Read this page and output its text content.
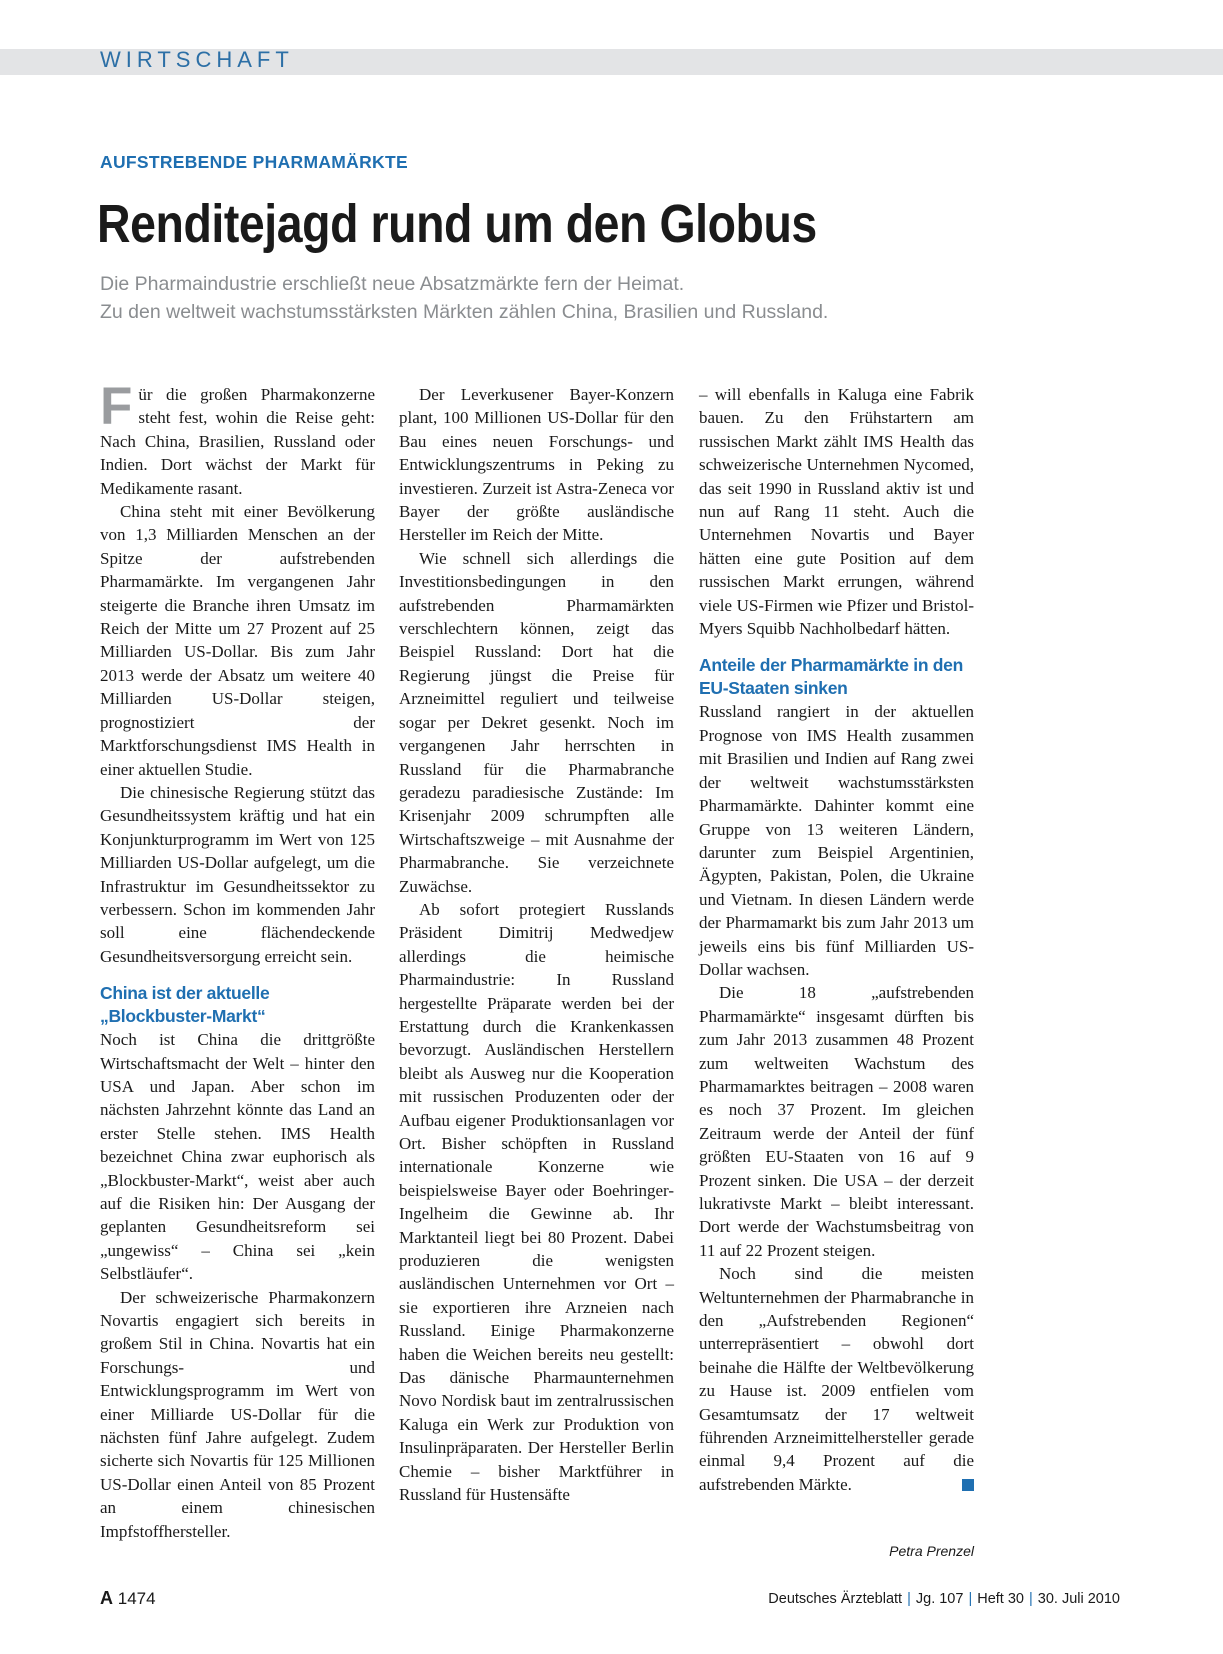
WIRTSCHAFT
AUFSTREBENDE PHARMAMÄRKTE
Renditejagd rund um den Globus
Die Pharmaindustrie erschließt neue Absatzmärkte fern der Heimat.
Zu den weltweit wachstumsstärksten Märkten zählen China, Brasilien und Russland.

Für die großen Pharmakonzerne steht fest, wohin die Reise geht: Nach China, Brasilien, Russland oder Indien. Dort wächst der Markt für Medikamente rasant.

China steht mit einer Bevölkerung von 1,3 Milliarden Menschen an der Spitze der aufstrebenden Pharmamärkte. Im vergangenen Jahr steigerte die Branche ihren Umsatz im Reich der Mitte um 27 Prozent auf 25 Milliarden US-Dollar. Bis zum Jahr 2013 werde der Absatz um weitere 40 Milliarden US-Dollar steigen, prognostiziert der Marktforschungsdienst IMS Health in einer aktuellen Studie.

Die chinesische Regierung stützt das Gesundheitssystem kräftig und hat ein Konjunkturprogramm im Wert von 125 Milliarden US-Dollar aufgelegt, um die Infrastruktur im Gesundheitssektor zu verbessern. Schon im kommenden Jahr soll eine flächendeckende Gesundheitsversorgung erreicht sein.

China ist der aktuelle „Blockbuster-Markt“

Noch ist China die drittgrößte Wirtschaftsmacht der Welt – hinter den USA und Japan. Aber schon im nächsten Jahrzehnt könnte das Land an erster Stelle stehen. IMS Health bezeichnet China zwar euphorisch als „Blockbuster-Markt“, weist aber auch auf die Risiken hin: Der Ausgang der geplanten Gesundheitsreform sei „ungewiss“ – China sei „kein Selbstläufer“.

Der schweizerische Pharmakonzern Novartis engagiert sich bereits in großem Stil in China. Novartis hat ein Forschungs- und Entwicklungsprogramm im Wert von einer Milliarde US-Dollar für die nächsten fünf Jahre aufgelegt. Zudem sicherte sich Novartis für 125 Millionen US-Dollar einen Anteil von 85 Prozent an einem chinesischen Impfstoffhersteller.

Der Leverkusener Bayer-Konzern plant, 100 Millionen US-Dollar für den Bau eines neuen Forschungs- und Entwicklungszentrums in Peking zu investieren. Zurzeit ist Astra-Zeneca vor Bayer der größte ausländische Hersteller im Reich der Mitte.

Wie schnell sich allerdings die Investitionsbedingungen in den aufstrebenden Pharmamärkten verschlechtern können, zeigt das Beispiel Russland: Dort hat die Regierung jüngst die Preise für Arzneimittel reguliert und teilweise sogar per Dekret gesenkt. Noch im vergangenen Jahr herrschten in Russland für die Pharmabranche geradezu paradiesische Zustände: Im Krisenjahr 2009 schrumpften alle Wirtschaftszweige – mit Ausnahme der Pharmabranche. Sie verzeichnete Zuwächse.

Ab sofort protegiert Russlands Präsident Dimitrij Medwedjew allerdings die heimische Pharmaindustrie: In Russland hergestellte Präparate werden bei der Erstattung durch die Krankenkassen bevorzugt. Ausländischen Herstellern bleibt als Ausweg nur die Kooperation mit russischen Produzenten oder der Aufbau eigener Produktionsanlagen vor Ort. Bisher schöpften in Russland internationale Konzerne wie beispielsweise Bayer oder Boehringer-Ingelheim die Gewinne ab. Ihr Marktanteil liegt bei 80 Prozent. Dabei produzieren die wenigsten ausländischen Unternehmen vor Ort – sie exportieren ihre Arzneien nach Russland. Einige Pharmakonzerne haben die Weichen bereits neu gestellt: Das dänische Pharmaunternehmen Novo Nordisk baut im zentralrussischen Kaluga ein Werk zur Produktion von Insulinpräparaten. Der Hersteller Berlin Chemie – bisher Marktführer in Russland für Hustensäfte

– will ebenfalls in Kaluga eine Fabrik bauen. Zu den Frühstartern am russischen Markt zählt IMS Health das schweizerische Unternehmen Nycomed, das seit 1990 in Russland aktiv ist und nun auf Rang 11 steht. Auch die Unternehmen Novartis und Bayer hätten eine gute Position auf dem russischen Markt errungen, während viele US-Firmen wie Pfizer und Bristol-Myers Squibb Nachholbedarf hätten.

Anteile der Pharmamärkte in den EU-Staaten sinken

Russland rangiert in der aktuellen Prognose von IMS Health zusammen mit Brasilien und Indien auf Rang zwei der weltweit wachstumsstärksten Pharmamärkte. Dahinter kommt eine Gruppe von 13 weiteren Ländern, darunter zum Beispiel Argentinien, Ägypten, Pakistan, Polen, die Ukraine und Vietnam. In diesen Ländern werde der Pharmamarkt bis zum Jahr 2013 um jeweils eins bis fünf Milliarden US-Dollar wachsen.

Die 18 „aufstrebenden Pharmamärkte“ insgesamt dürften bis zum Jahr 2013 zusammen 48 Prozent zum weltweiten Wachstum des Pharmamarktes beitragen – 2008 waren es noch 37 Prozent. Im gleichen Zeitraum werde der Anteil der fünf größten EU-Staaten von 16 auf 9 Prozent sinken. Die USA – der derzeit lukrativste Markt – bleibt interessant. Dort werde der Wachstumsbeitrag von 11 auf 22 Prozent steigen.

Noch sind die meisten Weltunternehmen der Pharmabranche in den „Aufstrebenden Regionen“ unterrepräsentiert – obwohl dort beinahe die Hälfte der Weltbevölkerung zu Hause ist. 2009 entfielen vom Gesamtumsatz der 17 weltweit führenden Arzneimittelhersteller gerade einmal 9,4 Prozent auf die aufstrebenden Märkte.

Petra Prenzel
A 1474	Deutsches Ärzteblatt | Jg. 107 | Heft 30 | 30. Juli 2010
